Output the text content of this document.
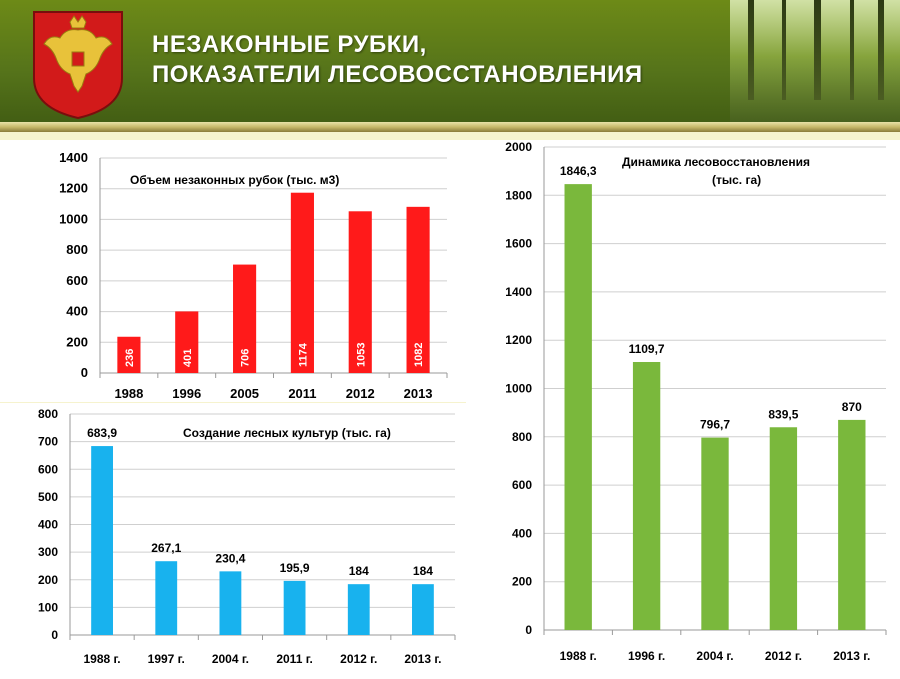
НЕЗАКОННЫЕ РУБКИ,
ПОКАЗАТЕЛИ ЛЕСОВОССТАНОВЛЕНИЯ
0
200
400
600
800
1000
1200
1400
236
1988
401
1996
706
2005
1174
2011
1053
2012
1082
2013
Объем незаконных рубок (тыс. м3)
0
100
200
300
400
500
600
700
800
683,9
1988 г.
267,1
1997 г.
230,4
2004 г.
195,9
2011 г.
184
2012 г.
184
2013 г.
Создание лесных культур (тыс. га)
0
200
400
600
800
1000
1200
1400
1600
1800
2000
1846,3
1988 г.
1109,7
1996 г.
796,7
2004 г.
839,5
2012 г.
870
2013 г.
Динамика лесовосстановления
(тыс. га)
